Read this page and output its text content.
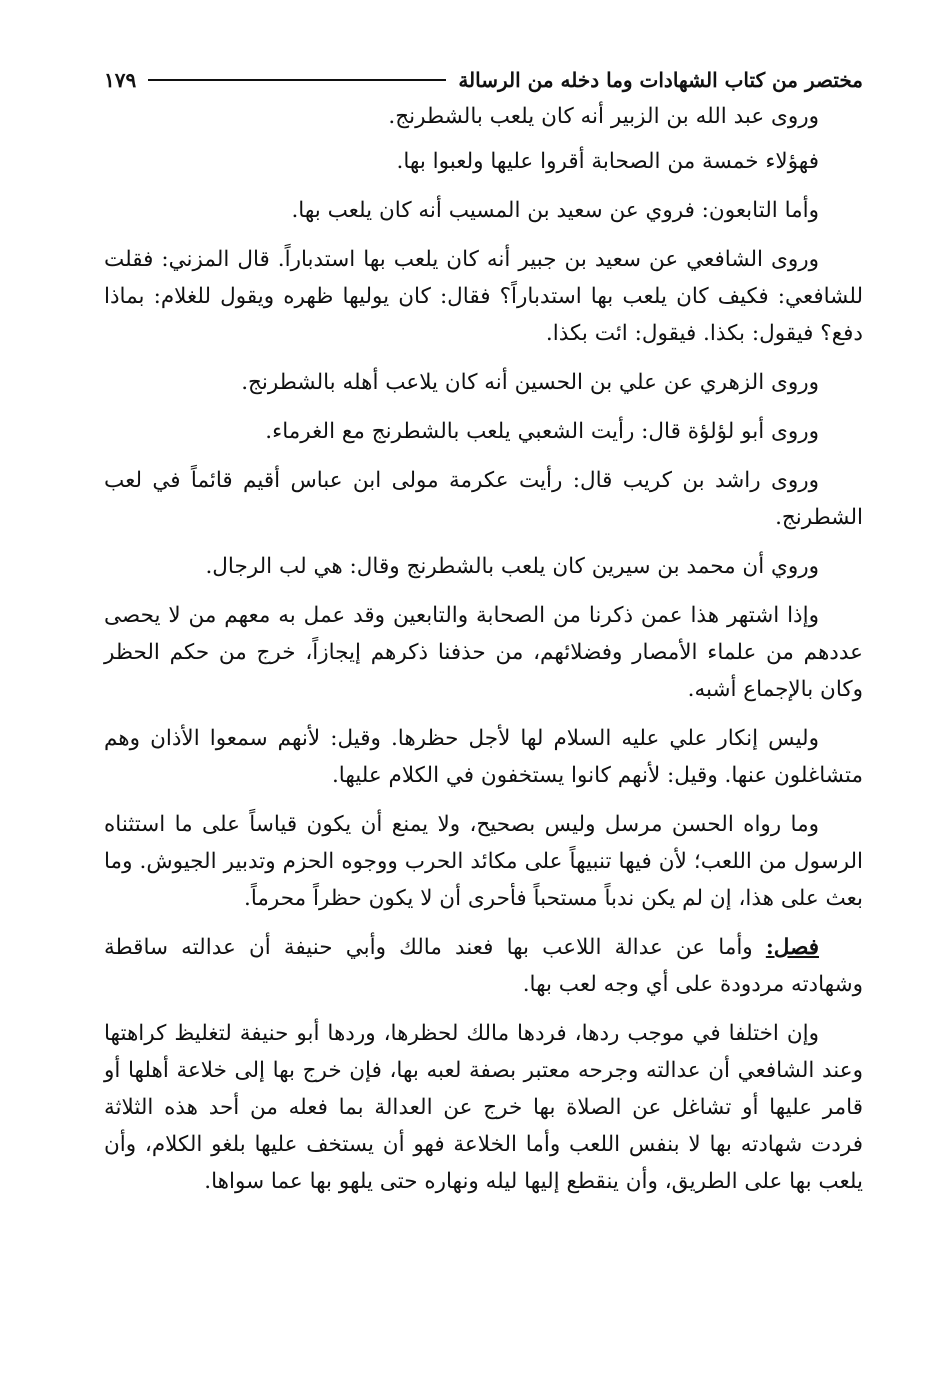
مختصر من كتاب الشهادات وما دخله من الرسالة
١٧٩

وروى عبد الله بن الزبير أنه كان يلعب بالشطرنج.

فهؤلاء خمسة من الصحابة أقروا عليها ولعبوا بها.

وأما التابعون: فروي عن سعيد بن المسيب أنه كان يلعب بها.

وروى الشافعي عن سعيد بن جبير أنه كان يلعب بها استدباراً. قال المزني: فقلت للشافعي: فكيف كان يلعب بها استدباراً؟ فقال: كان يوليها ظهره ويقول للغلام: بماذا دفع؟ فيقول: بكذا. فيقول: ائت بكذا.

وروى الزهري عن علي بن الحسين أنه كان يلاعب أهله بالشطرنج.

وروى أبو لؤلؤة قال: رأيت الشعبي يلعب بالشطرنج مع الغرماء.

وروى راشد بن كريب قال: رأيت عكرمة مولى ابن عباس أقيم قائماً في لعب الشطرنج.

وروي أن محمد بن سيرين كان يلعب بالشطرنج وقال: هي لب الرجال.

وإذا اشتهر هذا عمن ذكرنا من الصحابة والتابعين وقد عمل به معهم من لا يحصى عددهم من علماء الأمصار وفضلائهم، من حذفنا ذكرهم إيجازاً، خرج من حكم الحظر وكان بالإجماع أشبه.

وليس إنكار علي عليه السلام لها لأجل حظرها. وقيل: لأنهم سمعوا الأذان وهم متشاغلون عنها. وقيل: لأنهم كانوا يستخفون في الكلام عليها.

وما رواه الحسن مرسل وليس بصحيح، ولا يمنع أن يكون قياساً على ما استثناه الرسول من اللعب؛ لأن فيها تنبيهاً على مكائد الحرب ووجوه الحزم وتدبير الجيوش. وما بعث على هذا، إن لم يكن ندباً مستحباً فأحرى أن لا يكون حظراً محرماً.

فصل: وأما عن عدالة اللاعب بها فعند مالك وأبي حنيفة أن عدالته ساقطة وشهادته مردودة على أي وجه لعب بها.

وإن اختلفا في موجب ردها، فردها مالك لحظرها، وردها أبو حنيفة لتغليظ كراهتها وعند الشافعي أن عدالته وجرحه معتبر بصفة لعبه بها، فإن خرج بها إلى خلاعة أهلها أو قامر عليها أو تشاغل عن الصلاة بها خرج عن العدالة بما فعله من أحد هذه الثلاثة فردت شهادته بها لا بنفس اللعب وأما الخلاعة فهو أن يستخف عليها بلغو الكلام، وأن يلعب بها على الطريق، وأن ينقطع إليها ليله ونهاره حتى يلهو بها عما سواها.
